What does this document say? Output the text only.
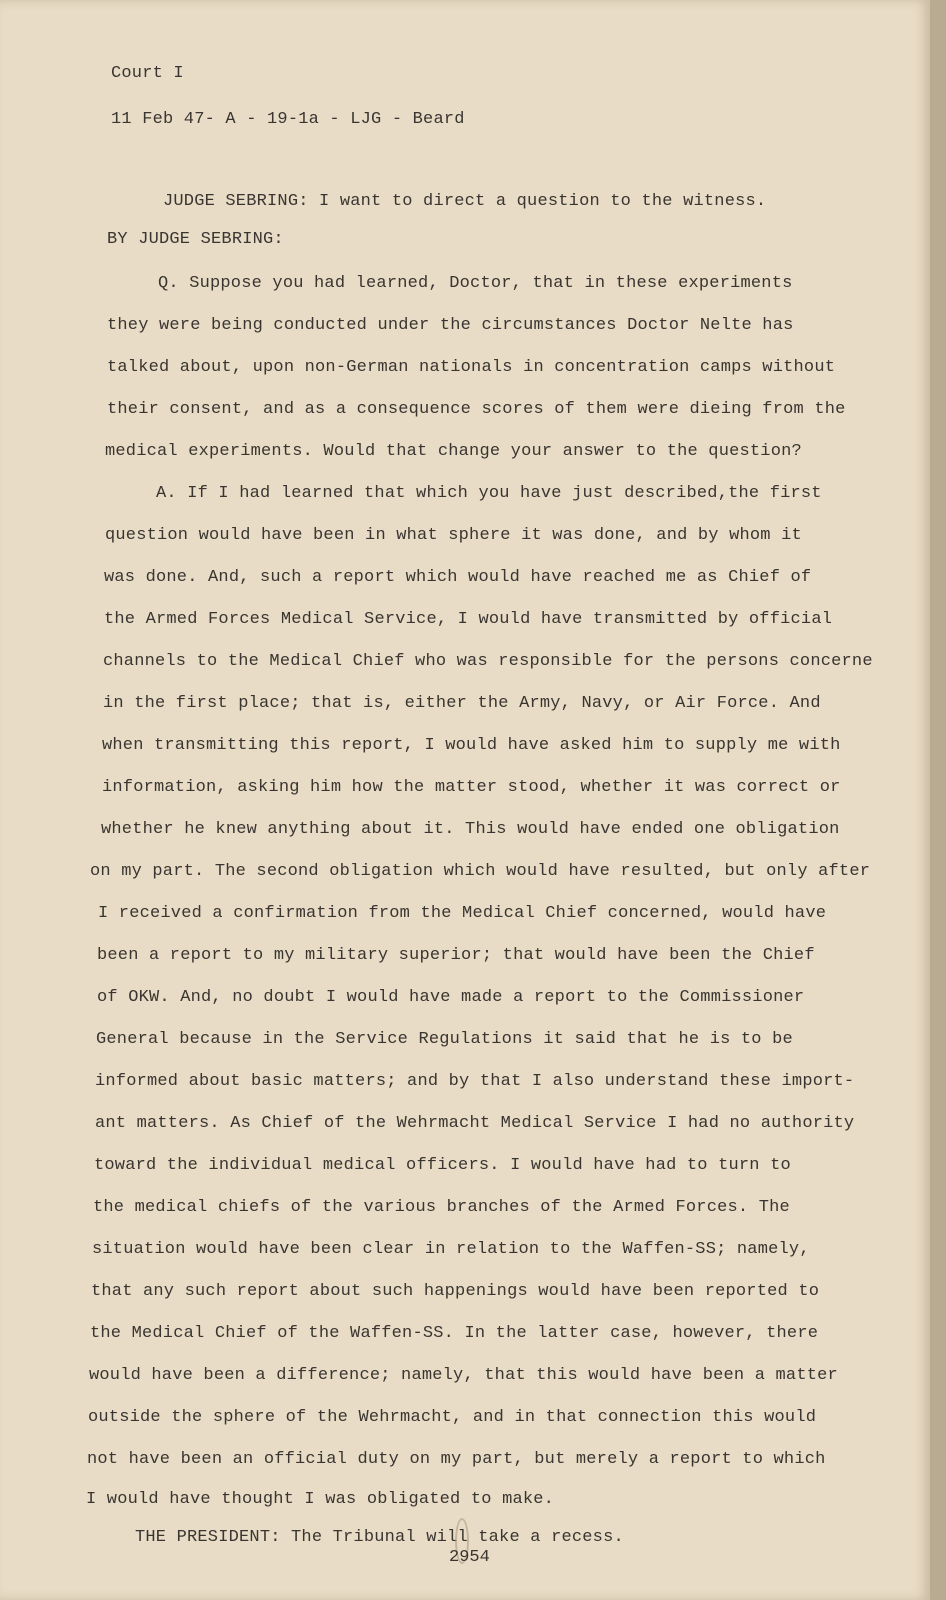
Court I
11 Feb 47- A - 19-1a - LJG - Beard
JUDGE SEBRING: I want to direct a question to the witness.
BY JUDGE SEBRING:
Q. Suppose you had learned, Doctor, that in these experiments
they were being conducted under the circumstances Doctor Nelte has
talked about, upon non-German nationals in concentration camps without
their consent, and as a consequence scores of them were dieing from the
medical experiments. Would that change your answer to the question?
A. If I had learned that which you have just described,the first
question would have been in what sphere it was done, and by whom it
was done. And, such a report which would have reached me as Chief of
the Armed Forces Medical Service, I would have transmitted by official
channels to the Medical Chief who was responsible for the persons concerne
in the first place; that is, either the Army, Navy, or Air Force. And
when transmitting this report, I would have asked him to supply me with
information, asking him how the matter stood, whether it was correct or
whether he knew anything about it. This would have ended one obligation
on my part. The second obligation which would have resulted, but only after
I received a confirmation from the Medical Chief concerned, would have
been a report to my military superior; that would have been the Chief
of OKW. And, no doubt I would have made a report to the Commissioner
General because in the Service Regulations it said that he is to be
informed about basic matters; and by that I also understand these import-
ant matters. As Chief of the Wehrmacht Medical Service I had no authority
toward the individual medical officers. I would have had to turn to
the medical chiefs of the various branches of the Armed Forces. The
situation would have been clear in relation to the Waffen-SS; namely,
that any such report about such happenings would have been reported to
the Medical Chief of the Waffen-SS. In the latter case, however, there
would have been a difference; namely, that this would have been a matter
outside the sphere of the Wehrmacht, and in that connection this would
not have been an official duty on my part, but merely a report to which
I would have thought I was obligated to make.
THE PRESIDENT: The Tribunal will take a recess.
2954
